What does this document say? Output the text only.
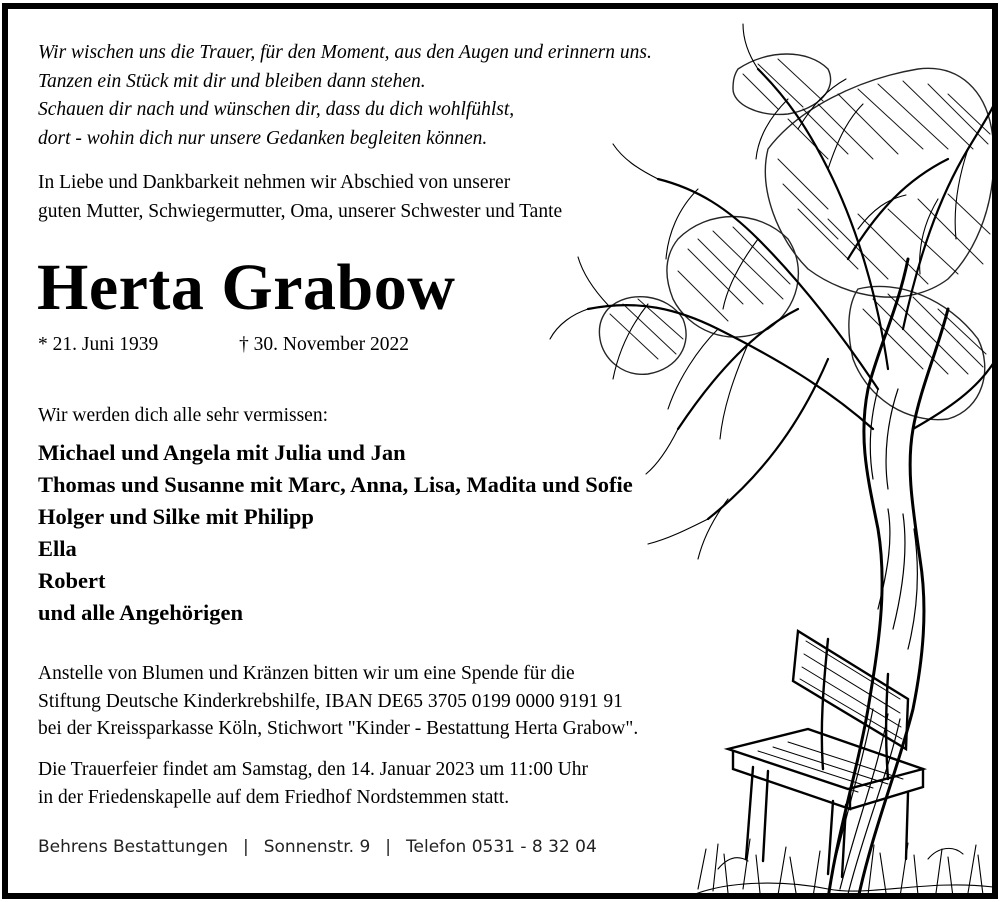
Wir wischen uns die Trauer, für den Moment, aus den Augen und erinnern uns.
Tanzen ein Stück mit dir und bleiben dann stehen.
Schauen dir nach und wünschen dir, dass du dich wohlfühlst,
dort - wohin dich nur unsere Gedanken begleiten können.
In Liebe und Dankbarkeit nehmen wir Abschied von unserer
guten Mutter, Schwiegermutter, Oma, unserer Schwester und Tante
Herta Grabow
* 21. Juni 1939	† 30. November 2022
Wir werden dich alle sehr vermissen:
Michael und Angela mit Julia und Jan
Thomas und Susanne mit Marc, Anna, Lisa, Madita und Sofie
Holger und Silke mit Philipp
Ella
Robert
und alle Angehörigen
Anstelle von Blumen und Kränzen bitten wir um eine Spende für die
Stiftung Deutsche Kinderkrebshilfe, IBAN DE65 3705 0199 0000 9191 91
bei der Kreissparkasse Köln, Stichwort "Kinder - Bestattung Herta Grabow".
Die Trauerfeier findet am Samstag, den 14. Januar 2023 um 11:00 Uhr
in der Friedenskapelle auf dem Friedhof Nordstemmen statt.
Behrens Bestattungen | Sonnenstr. 9 | Telefon 0531 - 8 32 04
